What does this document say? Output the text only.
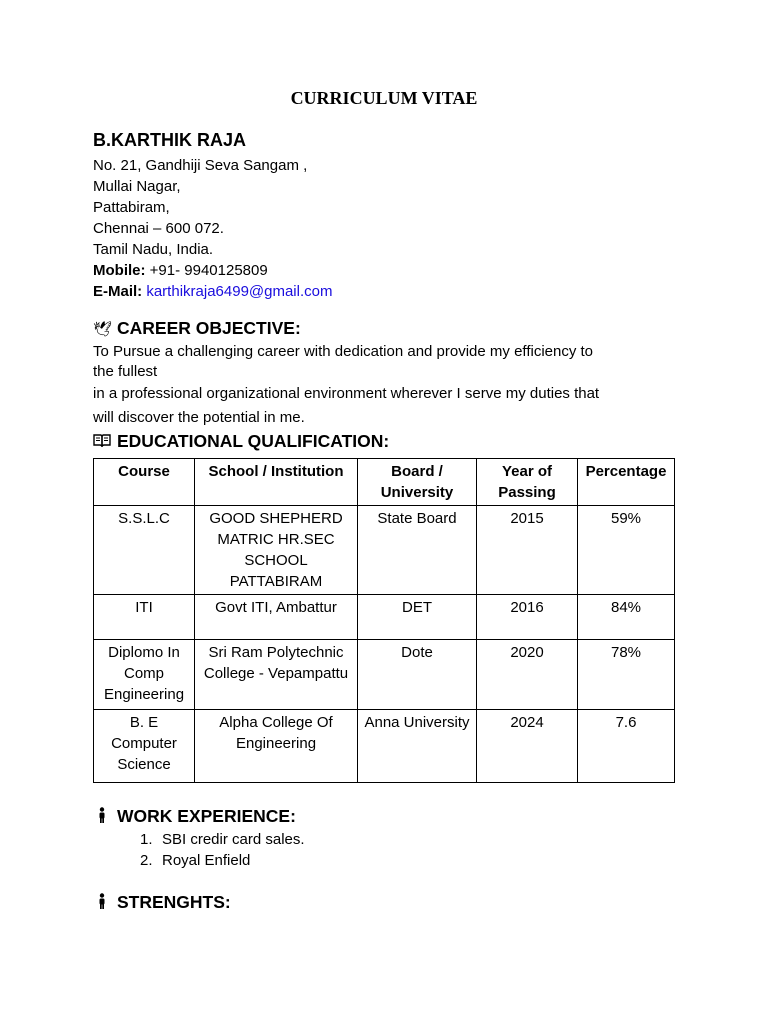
CURRICULUM VITAE
B.KARTHIK RAJA
No. 21, Gandhiji Seva Sangam ,
Mullai Nagar,
Pattabiram,
Chennai – 600 072.
Tamil Nadu, India.
Mobile: +91- 9940125809
E-Mail: karthikraja6499@gmail.com
🕊 CAREER OBJECTIVE:
To Pursue a challenging career with dedication and provide my efficiency to
the fullest
in a professional organizational environment wherever I serve my duties that
will discover the potential in me.
EDUCATIONAL QUALIFICATION:
Course	School / Institution	Board / University	Year of Passing	Percentage
S.S.L.C	GOOD SHEPHERD MATRIC HR.SEC SCHOOL PATTABIRAM	State Board	2015	59%
ITI	Govt ITI, Ambattur	DET	2016	84%
Diplomo In Comp Engineering	Sri Ram Polytechnic College - Vepampattu	Dote	2020	78%
B. E Computer Science	Alpha College Of Engineering	Anna University	2024	7.6
WORK EXPERIENCE:
1. SBI credir card sales.
2. Royal Enfield
STRENGHTS:
